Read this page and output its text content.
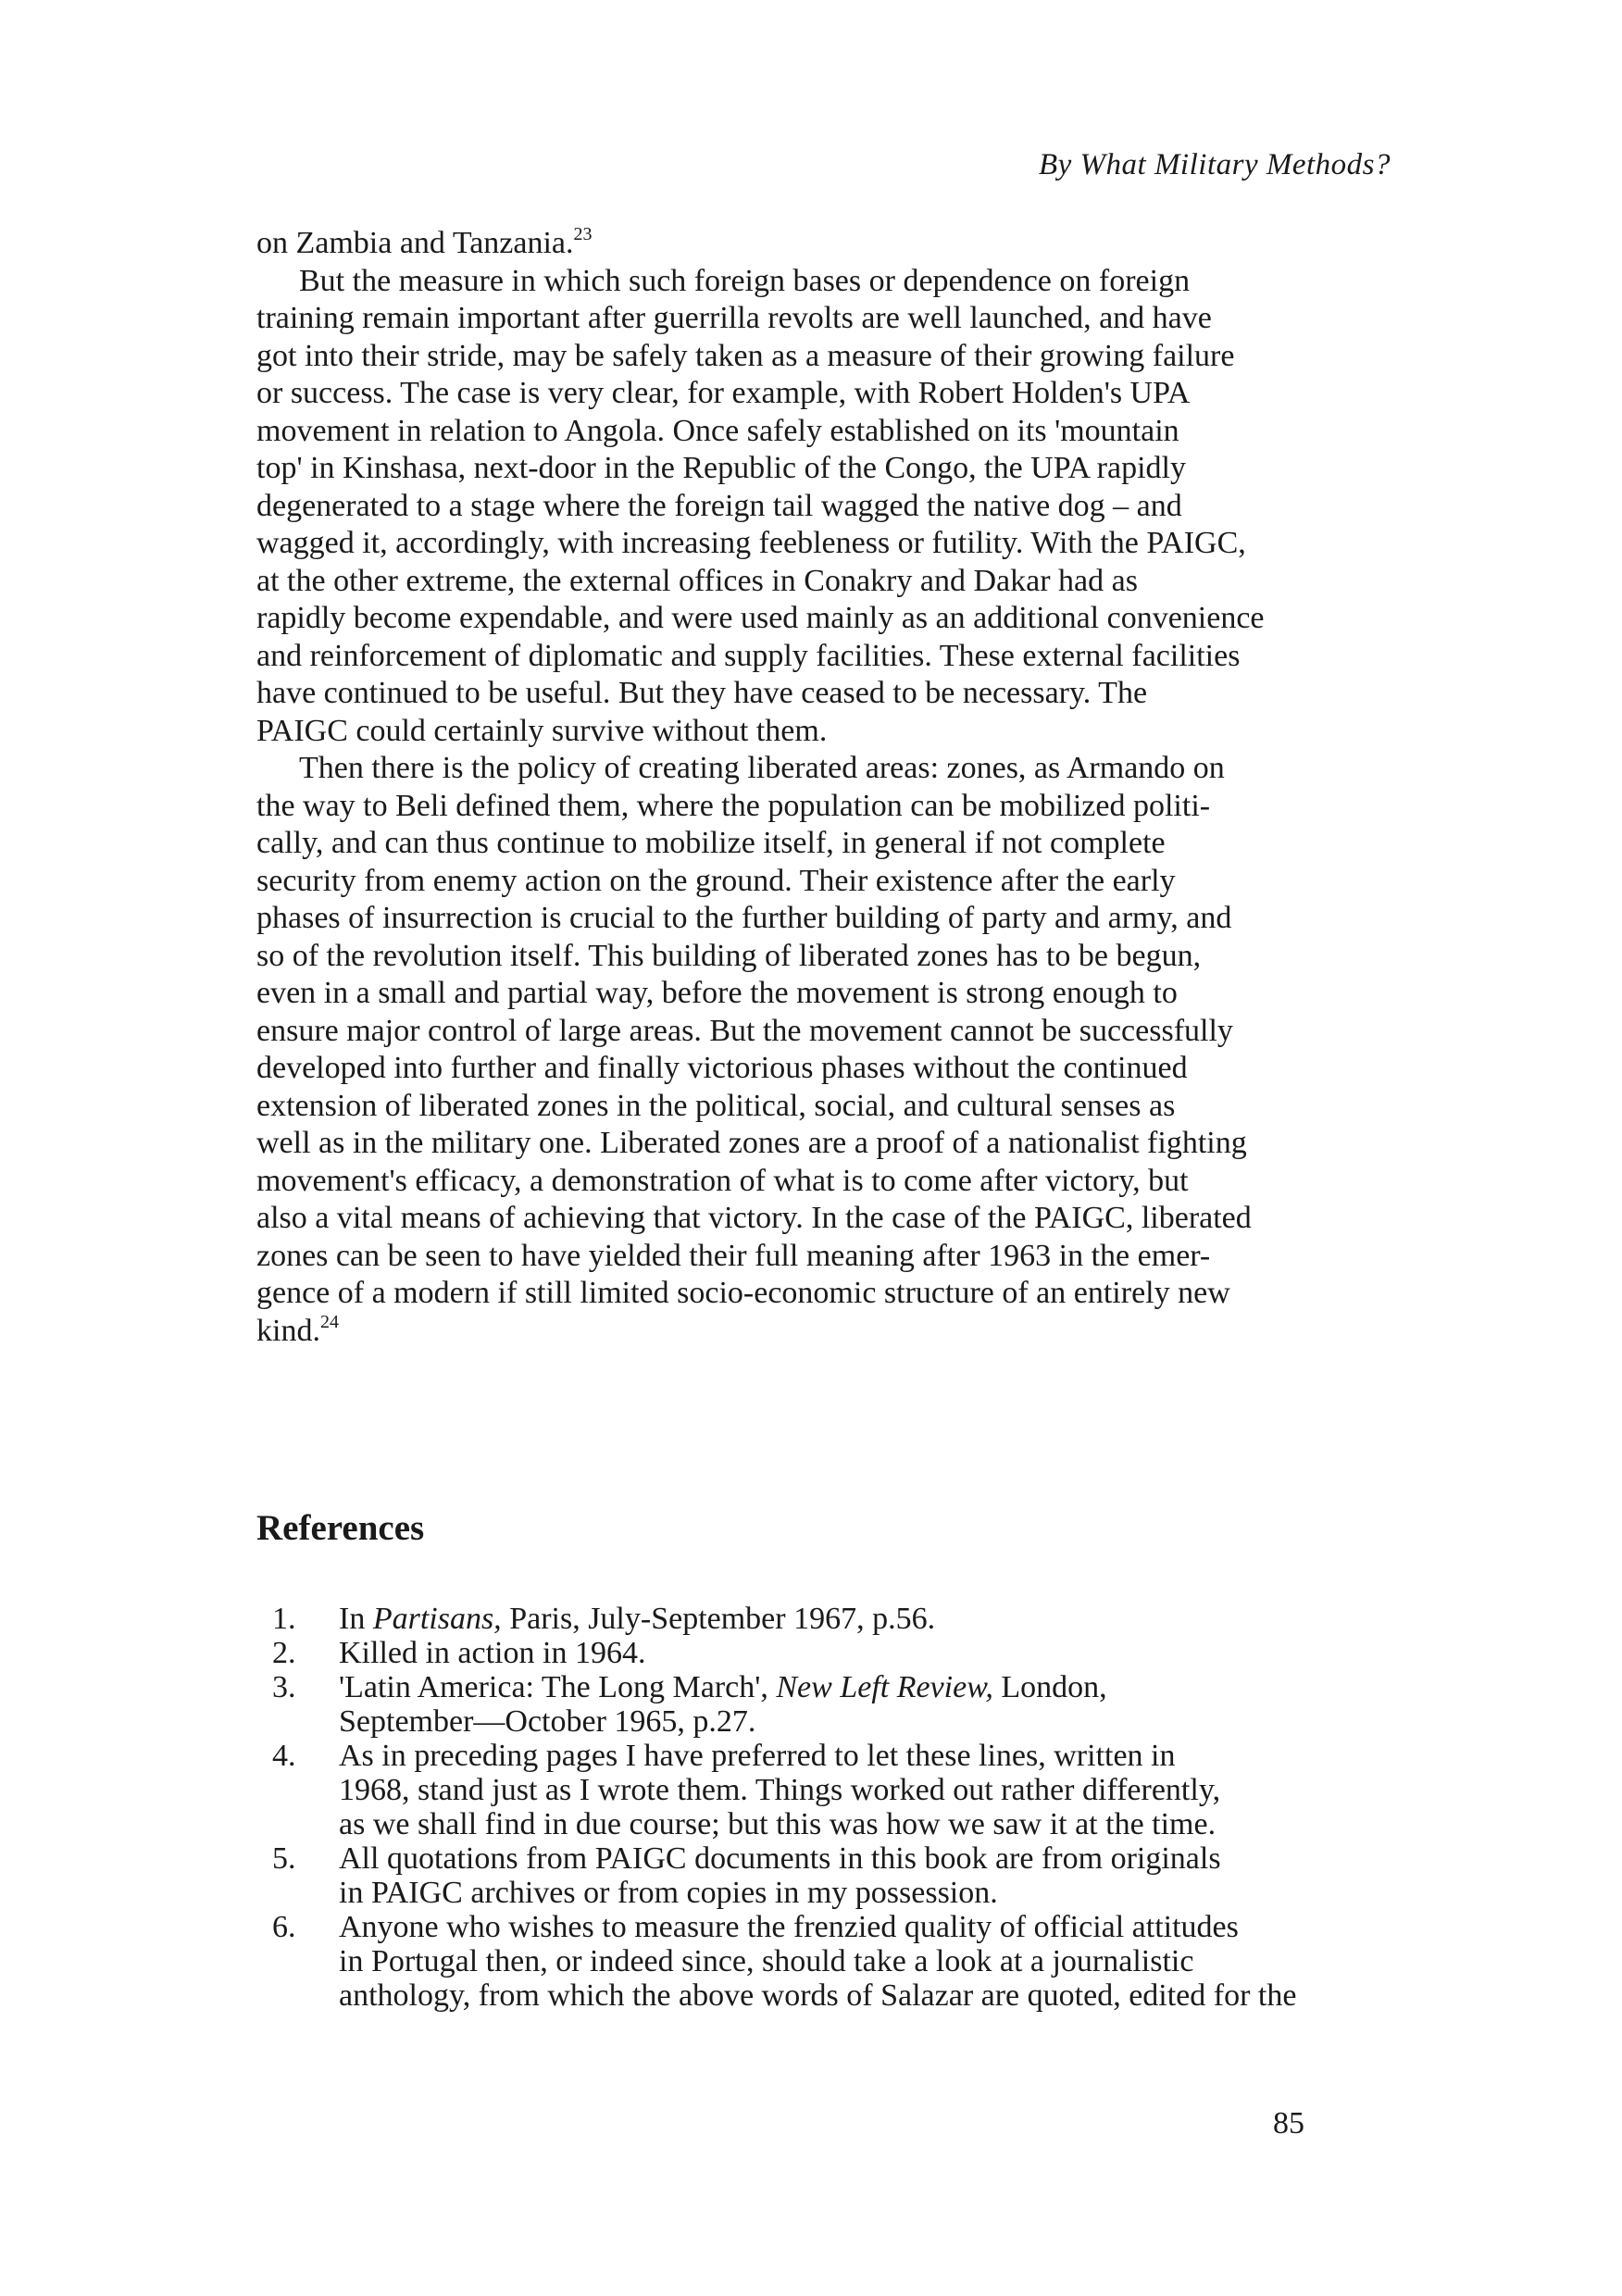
By What Military Methods?
on Zambia and Tanzania.$^{23}$
But the measure in which such foreign bases or dependence on foreign
training remain important after guerrilla revolts are well launched, and have
got into their stride, may be safely taken as a measure of their growing failure
or success. The case is very clear, for example, with Robert Holden's UPA
movement in relation to Angola. Once safely established on its 'mountain
top' in Kinshasa, next-door in the Republic of the Congo, the UPA rapidly
degenerated to a stage where the foreign tail wagged the native dog – and
wagged it, accordingly, with increasing feebleness or futility. With the PAIGC,
at the other extreme, the external offices in Conakry and Dakar had as
rapidly become expendable, and were used mainly as an additional convenience
and reinforcement of diplomatic and supply facilities. These external facilities
have continued to be useful. But they have ceased to be necessary. The
PAIGC could certainly survive without them.
Then there is the policy of creating liberated areas: zones, as Armando on
the way to Beli defined them, where the population can be mobilized politi-
cally, and can thus continue to mobilize itself, in general if not complete
security from enemy action on the ground. Their existence after the early
phases of insurrection is crucial to the further building of party and army, and
so of the revolution itself. This building of liberated zones has to be begun,
even in a small and partial way, before the movement is strong enough to
ensure major control of large areas. But the movement cannot be successfully
developed into further and finally victorious phases without the continued
extension of liberated zones in the political, social, and cultural senses as
well as in the military one. Liberated zones are a proof of a nationalist fighting
movement's efficacy, a demonstration of what is to come after victory, but
also a vital means of achieving that victory. In the case of the PAIGC, liberated
zones can be seen to have yielded their full meaning after 1963 in the emer-
gence of a modern if still limited socio-economic structure of an entirely new
kind.$^{24}$
References
1.	In Partisans, Paris, July-September 1967, p.56.
2.	Killed in action in 1964.
3.	'Latin America: The Long March', New Left Review, London,
September—October 1965, p.27.
4.	As in preceding pages I have preferred to let these lines, written in
1968, stand just as I wrote them. Things worked out rather differently,
as we shall find in due course; but this was how we saw it at the time.
5.	All quotations from PAIGC documents in this book are from originals
in PAIGC archives or from copies in my possession.
6.	Anyone who wishes to measure the frenzied quality of official attitudes
in Portugal then, or indeed since, should take a look at a journalistic
anthology, from which the above words of Salazar are quoted, edited for the
85
